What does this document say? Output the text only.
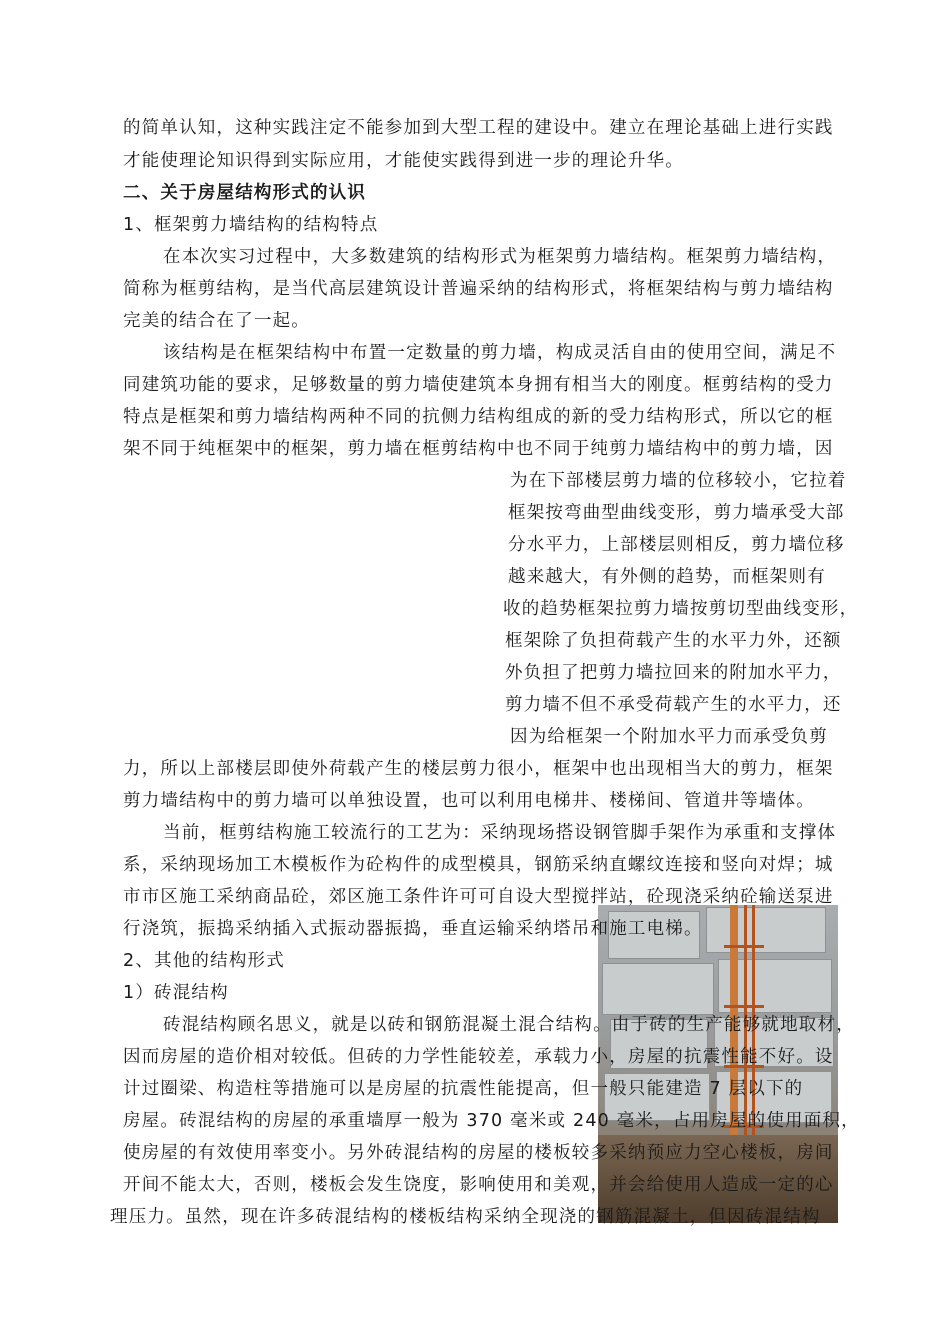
的简单认知，这种实践注定不能参加到大型工程的建设中。建立在理论基础上进行实践
才能使理论知识得到实际应用，才能使实践得到进一步的理论升华。
二、关于房屋结构形式的认识
1、框架剪力墙结构的结构特点
在本次实习过程中，大多数建筑的结构形式为框架剪力墙结构。框架剪力墙结构，
简称为框剪结构，是当代高层建筑设计普遍采纳的结构形式，将框架结构与剪力墙结构
完美的结合在了一起。
该结构是在框架结构中布置一定数量的剪力墙，构成灵活自由的使用空间，满足不
同建筑功能的要求，足够数量的剪力墙使建筑本身拥有相当大的刚度。框剪结构的受力
特点是框架和剪力墙结构两种不同的抗侧力结构组成的新的受力结构形式，所以它的框
架不同于纯框架中的框架，剪力墙在框剪结构中也不同于纯剪力墙结构中的剪力墙，因
为在下部楼层剪力墙的位移较小，它拉着
框架按弯曲型曲线变形，剪力墙承受大部
分水平力，上部楼层则相反，剪力墙位移
越来越大，有外侧的趋势，而框架则有
收的趋势框架拉剪力墙按剪切型曲线变形，
框架除了负担荷载产生的水平力外，还额
外负担了把剪力墙拉回来的附加水平力，
剪力墙不但不承受荷载产生的水平力，还
因为给框架一个附加水平力而承受负剪
力，所以上部楼层即使外荷载产生的楼层剪力很小，框架中也出现相当大的剪力，框架
剪力墙结构中的剪力墙可以单独设置，也可以利用电梯井、楼梯间、管道井等墙体。
当前，框剪结构施工较流行的工艺为：采纳现场搭设钢管脚手架作为承重和支撑体
系，采纳现场加工木模板作为砼构件的成型模具，钢筋采纳直螺纹连接和竖向对焊；城
市市区施工采纳商品砼，郊区施工条件许可可自设大型搅拌站，砼现浇采纳砼输送泵进
行浇筑，振捣采纳插入式振动器振捣，垂直运输采纳塔吊和施工电梯。
2、其他的结构形式
1）砖混结构
砖混结构顾名思义，就是以砖和钢筋混凝土混合结构。由于砖的生产能够就地取材，
因而房屋的造价相对较低。但砖的力学性能较差，承载力小，房屋的抗震性能不好。设
计过圈梁、构造柱等措施可以是房屋的抗震性能提高，但一般只能建造 7 层以下的
房屋。砖混结构的房屋的承重墙厚一般为 370 毫米或 240 毫米，占用房屋的使用面积，
使房屋的有效使用率变小。另外砖混结构的房屋的楼板较多采纳预应力空心楼板，房间
开间不能太大，否则，楼板会发生饶度，影响使用和美观，并会给使用人造成一定的心
理压力。虽然，现在许多砖混结构的楼板结构采纳全现浇的钢筋混凝土，但因砖混结构
